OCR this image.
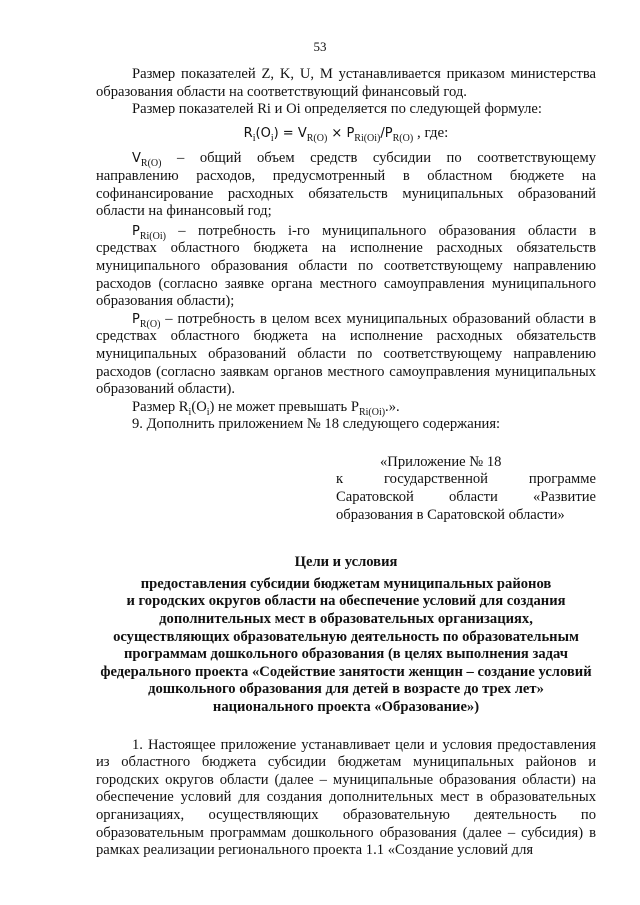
53

Размер показателей Z, K, U, M устанавливается приказом министерства образования области на соответствующий финансовый год.

Размер показателей Ri и Oi определяется по следующей формуле:

$R_i(O_i) = V_{R(O)} \times P_{Ri(Oi)}/P_{R(O)}$ , где:

$V_{R(O)}$ – общий объем средств субсидии по соответствующему направлению расходов, предусмотренный в областном бюджете на софинансирование расходных обязательств муниципальных образований области на финансовый год;

$P_{Ri(Oi)}$ – потребность i-го муниципального образования области в средствах областного бюджета на исполнение расходных обязательств муниципального образования области по соответствующему направлению расходов (согласно заявке органа местного самоуправления муниципального образования области);

$P_{R(O)}$ – потребность в целом всех муниципальных образований области в средствах областного бюджета на исполнение расходных обязательств муниципальных образований области по соответствующему направлению расходов (согласно заявкам органов местного самоуправления муниципальных образований области).

Размер $R_i(O_i)$ не может превышать $P_{Ri(Oi)}$.».

9. Дополнить приложением № 18 следующего содержания:

«Приложение № 18
к государственной программе
Саратовской области «Развитие
образования в Саратовской области»
Цели и условия
предоставления субсидии бюджетам муниципальных районов
и городских округов области на обеспечение условий для создания
дополнительных мест в образовательных организациях,
осуществляющих образовательную деятельность по образовательным
программам дошкольного образования (в целях выполнения задач
федерального проекта «Содействие занятости женщин – создание условий
дошкольного образования для детей в возрасте до трех лет»
национального проекта «Образование»)

1. Настоящее приложение устанавливает цели и условия предоставления из областного бюджета субсидии бюджетам муниципальных районов и городских округов области (далее – муниципальные образования области) на обеспечение условий для создания дополнительных мест в образовательных организациях, осуществляющих образовательную деятельность по образовательным программам дошкольного образования (далее – субсидия) в рамках реализации регионального проекта 1.1 «Создание условий для
